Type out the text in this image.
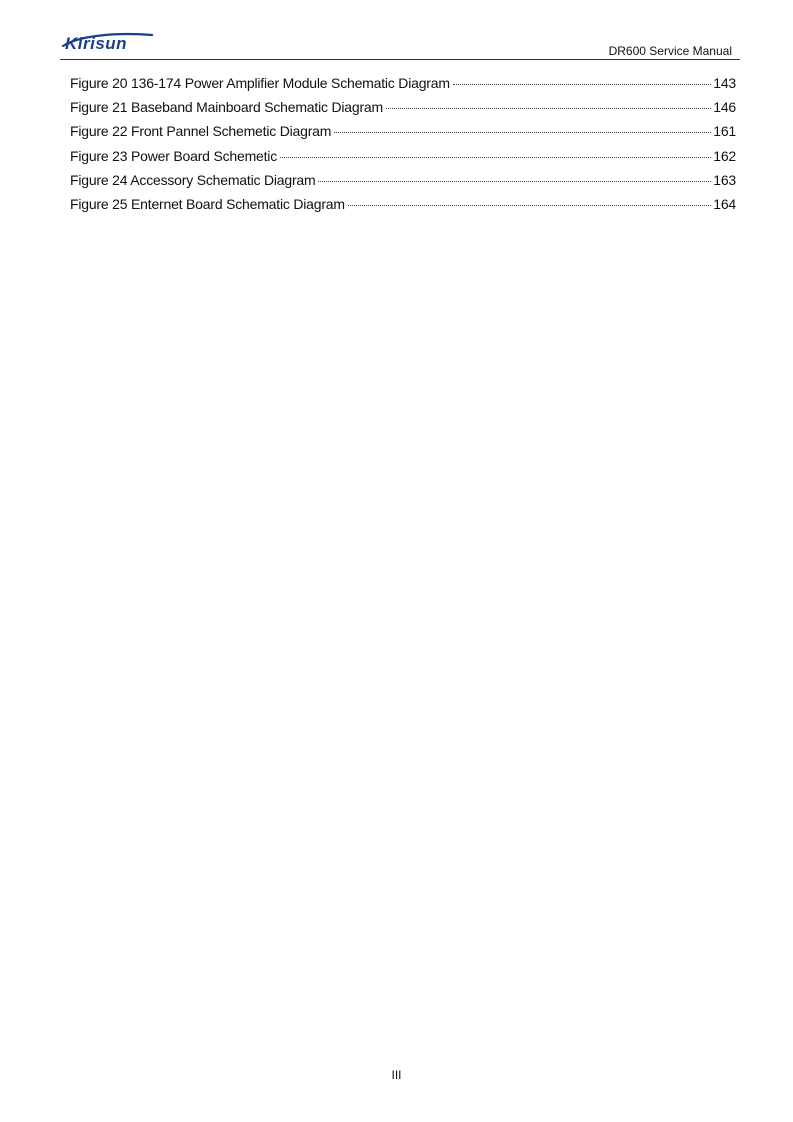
Kirisun	DR600 Service Manual
Figure 20 136-174 Power Amplifier Module Schematic Diagram	143
Figure 21 Baseband Mainboard Schematic Diagram	146
Figure 22 Front Pannel Schemetic Diagram	161
Figure 23 Power Board Schemetic	162
Figure 24 Accessory Schematic Diagram	163
Figure 25 Enternet Board Schematic Diagram	164
III
